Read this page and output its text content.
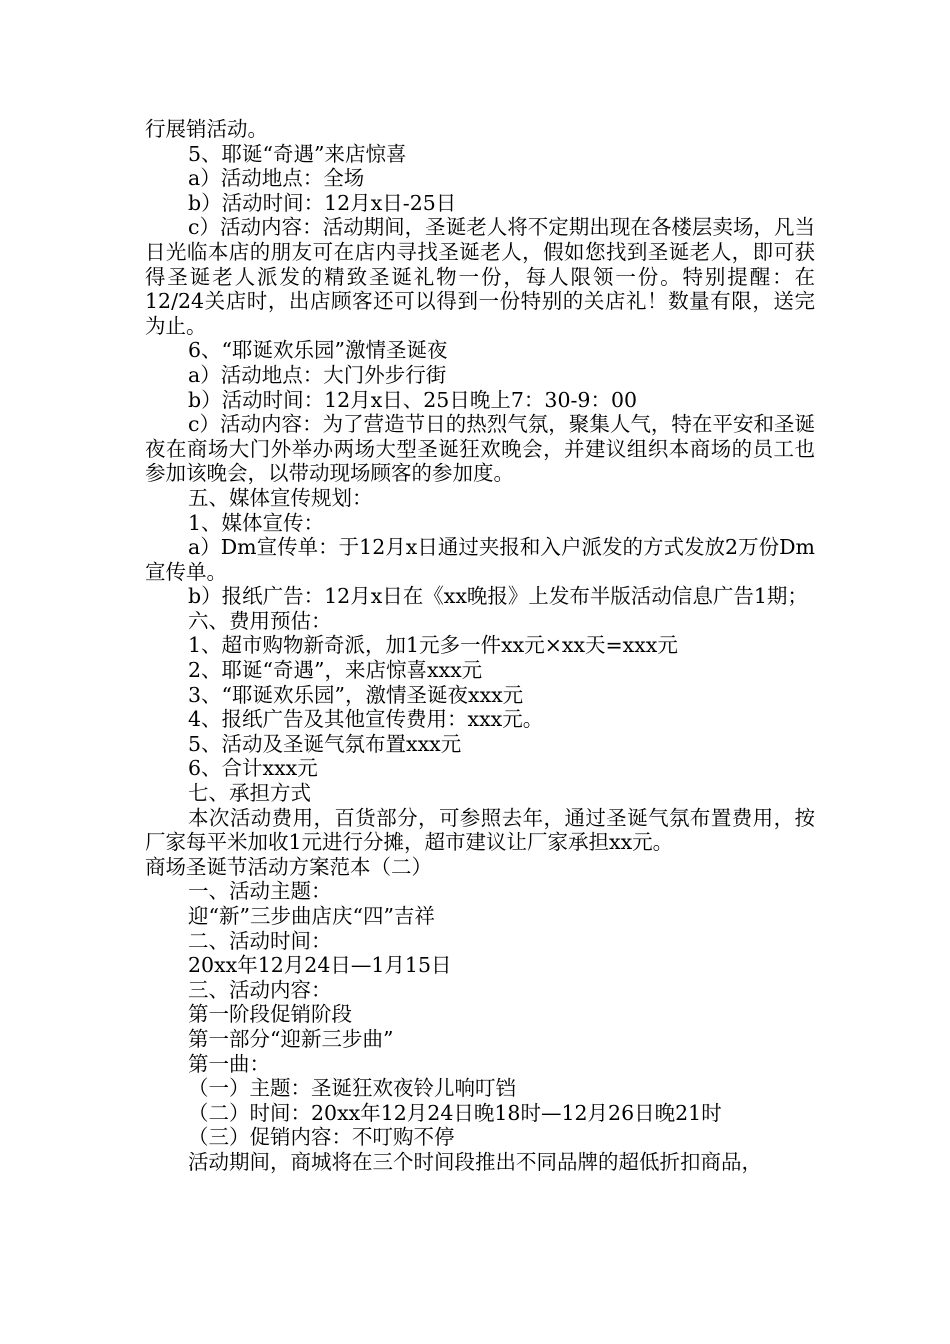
行展销活动。

5、耶诞“奇遇”来店惊喜

a）活动地点：全场

b）活动时间：12月x日-25日

c）活动内容：活动期间，圣诞老人将不定期出现在各楼层卖场，凡当日光临本店的朋友可在店内寻找圣诞老人，假如您找到圣诞老人，即可获得圣诞老人派发的精致圣诞礼物一份，每人限领一份。特别提醒：在12/24关店时，出店顾客还可以得到一份特别的关店礼！数量有限，送完为止。

6、“耶诞欢乐园”激情圣诞夜

a）活动地点：大门外步行街

b）活动时间：12月x日、25日晚上7：30-9：00

c）活动内容：为了营造节日的热烈气氛，聚集人气，特在平安和圣诞夜在商场大门外举办两场大型圣诞狂欢晚会，并建议组织本商场的员工也参加该晚会，以带动现场顾客的参加度。

五、媒体宣传规划：

1、媒体宣传：

a）Dm宣传单：于12月x日通过夹报和入户派发的方式发放2万份Dm宣传单。

b）报纸广告：12月x日在《xx晚报》上发布半版活动信息广告1期；

六、费用预估：

1、超市购物新奇派，加1元多一件xx元×xx天=xxx元

2、耶诞“奇遇”，来店惊喜xxx元

3、“耶诞欢乐园”，激情圣诞夜xxx元

4、报纸广告及其他宣传费用：xxx元。

5、活动及圣诞气氛布置xxx元

6、合计xxx元

七、承担方式

本次活动费用，百货部分，可参照去年，通过圣诞气氛布置费用，按厂家每平米加收1元进行分摊，超市建议让厂家承担xx元。

商场圣诞节活动方案范本（二）

一、活动主题：

迎“新”三步曲店庆“四”吉祥

二、活动时间：

20xx年12月24日—1月15日

三、活动内容：

第一阶段促销阶段

第一部分“迎新三步曲”

第一曲：

（一）主题：圣诞狂欢夜铃儿响叮铛

（二）时间：20xx年12月24日晚18时—12月26日晚21时

（三）促销内容：不叮购不停

活动期间，商城将在三个时间段推出不同品牌的超低折扣商品，
